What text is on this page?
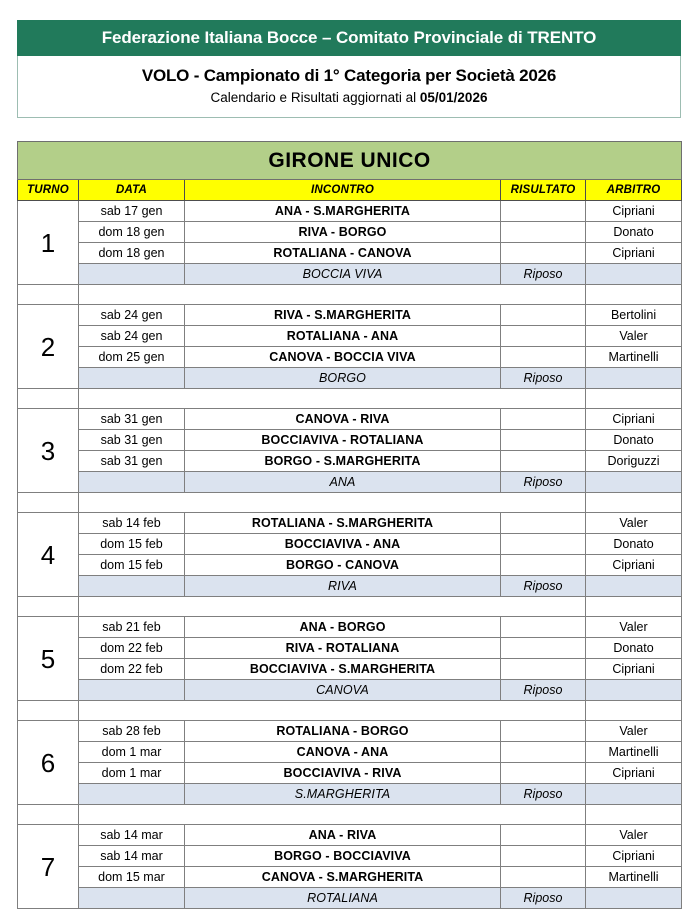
Federazione Italiana Bocce – Comitato Provinciale di TRENTO
VOLO - Campionato di 1° Categoria per Società 2026
Calendario e Risultati aggiornati al 05/01/2026
GIRONE UNICO				
TURNO	DATA	INCONTRO	RISULTATO	ARBITRO
1	sab 17 gen	ANA - S.MARGHERITA		Cipriani
	dom 18 gen	RIVA - BORGO		Donato
	dom 18 gen	ROTALIANA - CANOVA		Cipriani
		BOCCIA VIVA	Riposo	

2	sab 24 gen	RIVA - S.MARGHERITA		Bertolini
	sab 24 gen	ROTALIANA - ANA		Valer
	dom 25 gen	CANOVA - BOCCIA VIVA		Martinelli
		BORGO	Riposo	

3	sab 31 gen	CANOVA - RIVA		Cipriani
	sab 31 gen	BOCCIAVIVA - ROTALIANA		Donato
	sab 31 gen	BORGO - S.MARGHERITA		Doriguzzi
		ANA	Riposo	

4	sab 14 feb	ROTALIANA - S.MARGHERITA		Valer
	dom 15 feb	BOCCIAVIVA - ANA		Donato
	dom 15 feb	BORGO - CANOVA		Cipriani
		RIVA	Riposo	

5	sab 21 feb	ANA - BORGO		Valer
	dom 22 feb	RIVA - ROTALIANA		Donato
	dom 22 feb	BOCCIAVIVA - S.MARGHERITA		Cipriani
		CANOVA	Riposo	

6	sab 28 feb	ROTALIANA - BORGO		Valer
	dom 1 mar	CANOVA - ANA		Martinelli
	dom 1 mar	BOCCIAVIVA - RIVA		Cipriani
		S.MARGHERITA	Riposo	

7	sab 14 mar	ANA - RIVA		Valer
	sab 14 mar	BORGO - BOCCIAVIVA		Cipriani
	dom 15 mar	CANOVA - S.MARGHERITA		Martinelli
		ROTALIANA	Riposo	
